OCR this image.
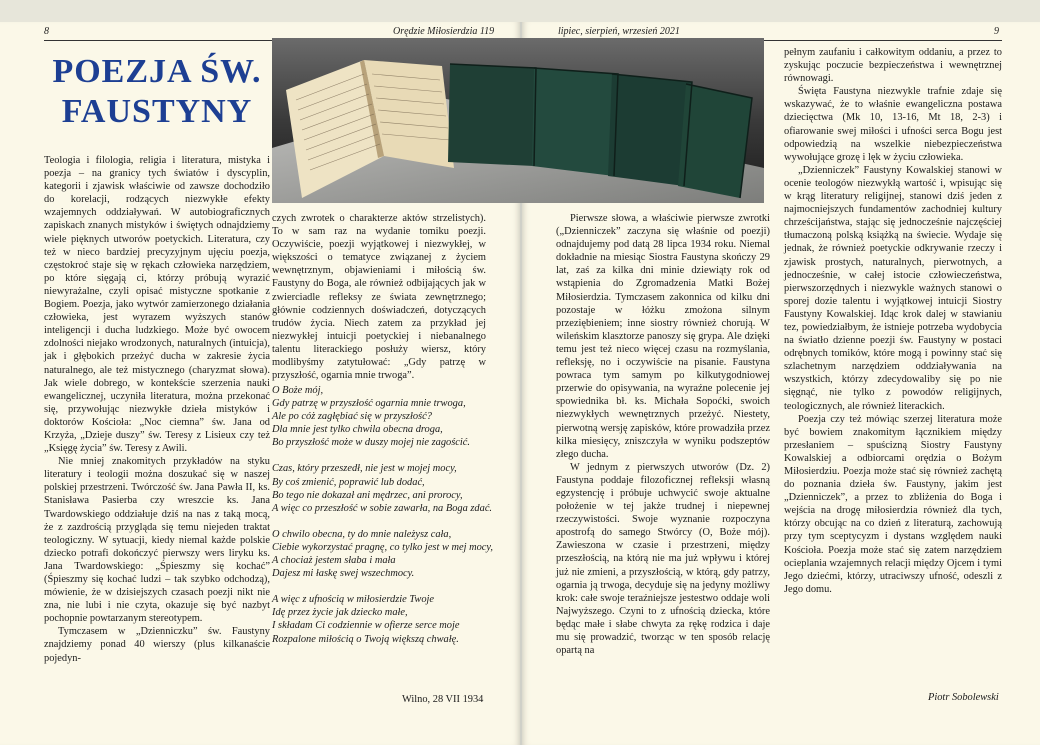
8	Orędzie Miłosierdzia 119	lipiec, sierpień, wrzesień 2021	9
POEZJA ŚW.
FAUSTYNY

Teologia i filologia, religia i literatura, mistyka i poezja – na granicy tych światów i dyscyplin, kategorii i zjawisk właściwie od zawsze dochodziło do korelacji, rodzących niezwykłe efekty wzajemnych oddziaływań. W autobiograficznych zapiskach znanych mistyków i świętych odnajdziemy wiele pięknych utworów poetyckich. Literatura, czy też w nieco bardziej precyzyjnym ujęciu poezja, częstokroć staje się w rękach człowieka narzędziem, po które sięgają ci, którzy próbują wyrazić niewyrażalne, czyli opisać mistyczne spotkanie z Bogiem. Poezja, jako wytwór zamierzonego działania człowieka, jest wyrazem wyższych stanów inteligencji i ducha ludzkiego. Może być owocem zdolności niejako wrodzonych, naturalnych (intuicja), jak i głębokich przeżyć ducha w zakresie życia naturalnego, ale też mistycznego (charyzmat słowa). Jak wiele dobrego, w kontekście szerzenia nauki ewangelicznej, uczyniła literatura, można przekonać się, przywołując niezwykłe dzieła mistyków i doktorów Kościoła: „Noc ciemna” św. Jana od Krzyża, „Dzieje duszy” św. Teresy z Lisieux czy też „Księgę życia” św. Teresy z Awili.

Nie mniej znakomitych przykładów na styku literatury i teologii można doszukać się w naszej polskiej przestrzeni. Twórczość św. Jana Pawła II, ks. Stanisława Pasierba czy wreszcie ks. Jana Twardowskiego oddziałuje dziś na nas z taką mocą, że z zazdrością przygląda się temu niejeden traktat teologiczny. W sytuacji, kiedy niemal każde polskie dziecko potrafi dokończyć pierwszy wers liryku ks. Jana Twardowskiego: „Śpieszmy się kochać” (Śpieszmy się kochać ludzi – tak szybko odchodzą), mówienie, że w dzisiejszych czasach poezji nikt nie zna, nie lubi i nie czyta, okazuje się być nazbyt pochopnie powtarzanym stereotypem.

Tymczasem w „Dzienniczku” św. Faustyny znajdziemy ponad 40 wierszy (plus kilkanaście pojedyn-

czych zwrotek o charakterze aktów strzelistych). To w sam raz na wydanie tomiku poezji. Oczywiście, poezji wyjątkowej i niezwykłej, w większości o tematyce związanej z życiem wewnętrznym, objawieniami i miłością św. Faustyny do Boga, ale również odbijających jak w zwierciadle refleksy ze świata zewnętrznego; głównie codziennych doświadczeń, dotyczących trudów życia. Niech zatem za przykład jej niezwykłej intuicji poetyckiej i niebanalnego talentu literackiego posłuży wiersz, który modlibyśmy zatytułować: „Gdy patrzę w przyszłość, ogarnia mnie trwoga”.

O Boże mój,
Gdy patrzę w przyszłość ogarnia mnie trwoga,
Ale po cóż zagłębiać się w przyszłość?
Dla mnie jest tylko chwila obecna droga,
Bo przyszłość może w duszy mojej nie zagościć.
Czas, który przeszedł, nie jest w mojej mocy,
By coś zmienić, poprawić lub dodać,
Bo tego nie dokazał ani mędrzec, ani prorocy,
A więc co przeszłość w sobie zawarła, na Boga zdać.
O chwilo obecna, ty do mnie należysz cała,
Ciebie wykorzystać pragnę, co tylko jest w mej mocy,
A chociaż jestem słaba i mała
Dajesz mi łaskę swej wszechmocy.
A więc z ufnością w miłosierdzie Twoje
Idę przez życie jak dziecko małe,
I składam Ci codziennie w ofierze serce moje
Rozpalone miłością o Twoją większą chwałę.
Wilno, 28 VII 1934

Pierwsze słowa, a właściwie pierwsze zwrotki („Dzienniczek” zaczyna się właśnie od poezji) odnajdujemy pod datą 28 lipca 1934 roku. Niemal dokładnie na miesiąc Siostra Faustyna skończy 29 lat, zaś za kilka dni minie dziewiąty rok od wstąpienia do Zgromadzenia Matki Bożej Miłosierdzia. Tymczasem zakonnica od kilku dni pozostaje w łóżku zmożona silnym przeziębieniem; inne siostry również chorują. W wileńskim klasztorze panoszy się grypa. Ale dzięki temu jest też nieco więcej czasu na rozmyślania, refleksję, no i oczywiście na pisanie. Faustyna powraca tym samym po kilkutygodniowej przerwie do opisywania, na wyraźne polecenie jej spowiednika bł. ks. Michała Sopoćki, swoich niezwykłych wewnętrznych przeżyć. Niestety, pierwotną wersję zapisków, które prowadziła przez kilka miesięcy, zniszczyła w wyniku podszeptów złego ducha.

W jednym z pierwszych utworów (Dz. 2) Faustyna poddaje filozoficznej refleksji własną egzystencję i próbuje uchwycić swoje aktualne położenie w tej jakże trudnej i niepewnej rzeczywistości. Swoje wyznanie rozpoczyna apostrofą do samego Stwórcy (O, Boże mój). Zawieszona w czasie i przestrzeni, między przeszłością, na którą nie ma już wpływu i której już nie zmieni, a przyszłością, w którą, gdy patrzy, ogarnia ją trwoga, decyduje się na jedyny możliwy krok: całe swoje teraźniejsze jestestwo oddaje woli Najwyższego. Czyni to z ufnością dziecka, które będąc małe i słabe chwyta za rękę rodzica i daje mu się prowadzić, tworząc w ten sposób relację opartą na

pełnym zaufaniu i całkowitym oddaniu, a przez to zyskując poczucie bezpieczeństwa i wewnętrznej równowagi.

Święta Faustyna niezwykle trafnie zdaje się wskazywać, że to właśnie ewangeliczna postawa dziecięctwa (Mk 10, 13-16, Mt 18, 2-3) i ofiarowanie swej miłości i ufności serca Bogu jest odpowiedzią na wszelkie niebezpieczeństwa wywołujące grozę i lęk w życiu człowieka.

„Dzienniczek” Faustyny Kowalskiej stanowi w ocenie teologów niezwykłą wartość i, wpisując się w krąg literatury religijnej, stanowi dziś jeden z najmocniejszych fundamentów zachodniej kultury chrześcijaństwa, stając się jednocześnie najczęściej tłumaczoną polską książką na świecie. Wydaje się jednak, że również poetyckie odkrywanie rzeczy i zjawisk prostych, naturalnych, pierwotnych, a jednocześnie, w całej istocie człowieczeństwa, pierwszorzędnych i niezwykle ważnych stanowi o sporej dozie talentu i wyjątkowej intuicji Siostry Faustyny Kowalskiej. Idąc krok dalej w stawianiu tez, powiedziałbym, że istnieje potrzeba wydobycia na światło dzienne poezji św. Faustyny w postaci odrębnych tomików, które mogą i powinny stać się szlachetnym narzędziem oddziaływania na wszystkich, którzy zdecydowaliby się po nie sięgnąć, nie tylko z powodów religijnych, teologicznych, ale również literackich.

Poezja czy też mówiąc szerzej literatura może być bowiem znakomitym łącznikiem między przesłaniem – spuścizną Siostry Faustyny Kowalskiej a odbiorcami orędzia o Bożym Miłosierdziu. Poezja może stać się również zachętą do poznania dzieła św. Faustyny, jakim jest „Dzienniczek”, a przez to zbliżenia do Boga i wejścia na drogę miłosierdzia również dla tych, którzy obcując na co dzień z literaturą, zachowują przy tym sceptycyzm i dystans względem nauki Kościoła. Poezja może stać się zatem narzędziem ocieplania wzajemnych relacji między Ojcem i tymi Jego dziećmi, którzy, utraciwszy ufność, odeszli z Jego domu.

Piotr Sobolewski
